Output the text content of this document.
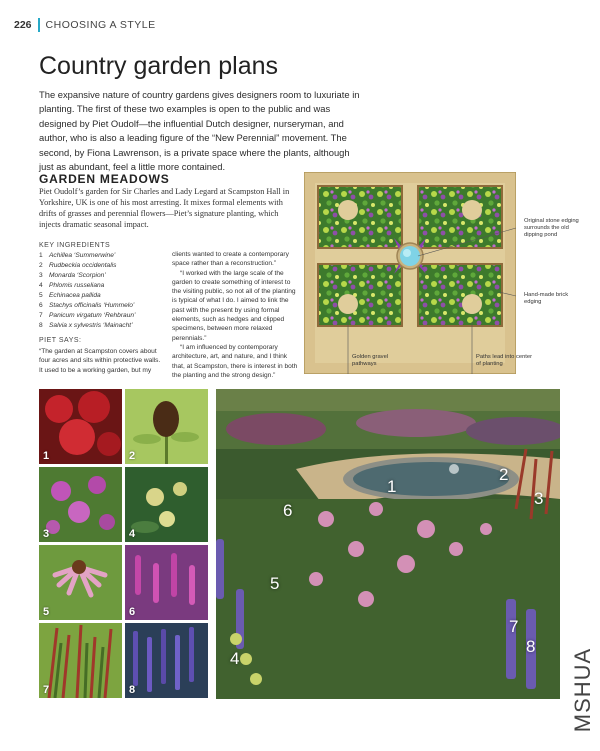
226 CHOOSING A STYLE
Country garden plans

The expansive nature of country gardens gives designers room to luxuriate in planting. The first of these two examples is open to the public and was designed by Piet Oudolf—the influential Dutch designer, nurseryman, and author, who is also a leading figure of the “New Perennial” movement. The second, by Fiona Lawrenson, is a private space where the plants, although just as abundant, feel a little more contained.

GARDEN MEADOWS

Piet Oudolf’s garden for Sir Charles and Lady Legard at Scampston Hall in Yorkshire, UK is one of his most arresting. It mixes formal elements with drifts of grasses and perennial flowers—Piet’s signature planting, which injects dramatic seasonal impact.

KEY INGREDIENTS

1 Achillea ‘Summerwine’
2 Rudbeckia occidentalis
3 Monarda ‘Scorpion’
4 Phlomis russeliana
5 Echinacea pallida
6 Stachys officinalis ‘Hummelo’
7 Panicum virgatum ‘Rehbraun’
8 Salvia x sylvestris ‘Mainacht’

PIET SAYS:

“The garden at Scampston covers about four acres and sits within protective walls. It used to be a working garden, but my

clients wanted to create a contemporary space rather than a reconstruction.”

“I worked with the large scale of the garden to create something of interest to the visiting public, so not all of the planting is typical of what I do. I aimed to link the past with the present by using formal elements, such as hedges and clipped specimens, between more relaxed perennials.”

“I am influenced by contemporary architecture, art, and nature, and I think that, at Scampston, there is interest in both the planting and the strong design.”

Original stone edging surrounds the old dipping pond

Hand-made brick edging

Golden gravel pathways

Paths lead into center of planting

1	2
3	4
5	6
7	8
1
2
3
4
5
6
7
8
MSHUA
